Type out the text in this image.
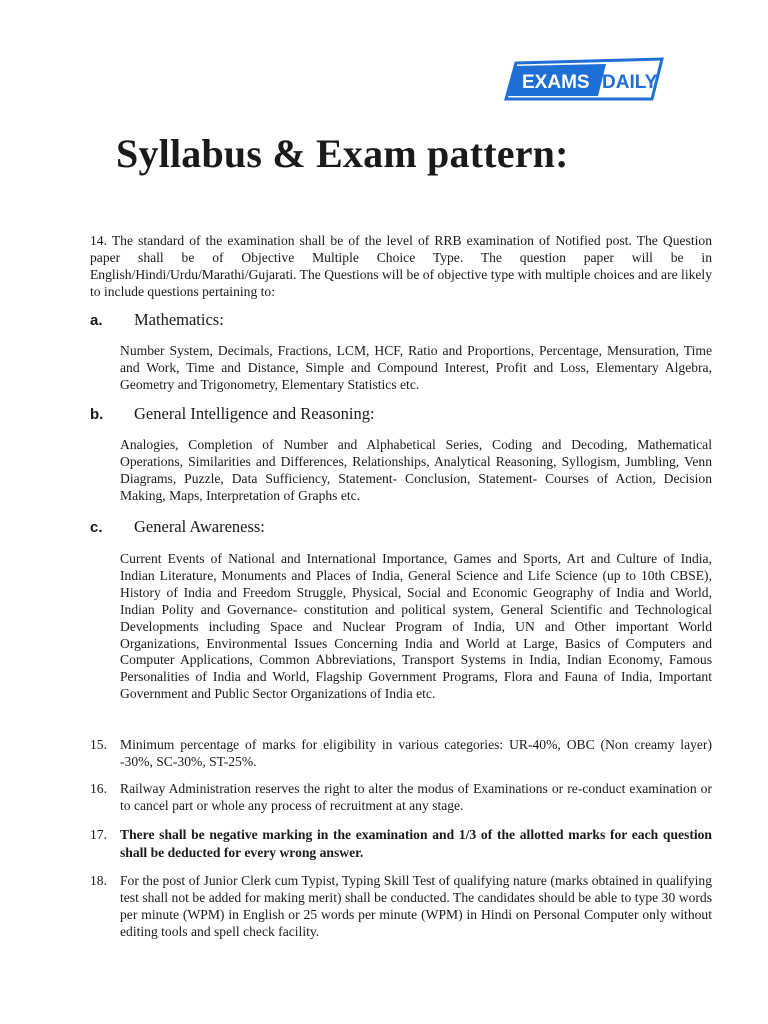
EXAMS DAILY
Syllabus & Exam pattern:

14. The standard of the examination shall be of the level of RRB examination of Notified post. The Question paper shall be of Objective Multiple Choice Type. The question paper will be in English/Hindi/Urdu/Marathi/Gujarati. The Questions will be of objective type with multiple choices and are likely to include questions pertaining to:

a.	Mathematics:

Number System, Decimals, Fractions, LCM, HCF, Ratio and Proportions, Percentage, Mensuration, Time and Work, Time and Distance, Simple and Compound Interest, Profit and Loss, Elementary Algebra, Geometry and Trigonometry, Elementary Statistics etc.

b.	General Intelligence and Reasoning:

Analogies, Completion of Number and Alphabetical Series, Coding and Decoding, Mathematical Operations, Similarities and Differences, Relationships, Analytical Reasoning, Syllogism, Jumbling, Venn Diagrams, Puzzle, Data Sufficiency, Statement- Conclusion, Statement- Courses of Action, Decision Making, Maps, Interpretation of Graphs etc.

c.	General Awareness:

Current Events of National and International Importance, Games and Sports, Art and Culture of India, Indian Literature, Monuments and Places of India, General Science and Life Science (up to 10th CBSE), History of India and Freedom Struggle, Physical, Social and Economic Geography of India and World, Indian Polity and Governance- constitution and political system, General Scientific and Technological Developments including Space and Nuclear Program of India, UN and Other important World Organizations, Environmental Issues Concerning India and World at Large, Basics of Computers and Computer Applications, Common Abbreviations, Transport Systems in India, Indian Economy, Famous Personalities of India and World, Flagship Government Programs, Flora and Fauna of India, Important Government and Public Sector Organizations of India etc.

15. Minimum percentage of marks for eligibility in various categories: UR-40%, OBC (Non creamy layer) -30%, SC-30%, ST-25%.
16. Railway Administration reserves the right to alter the modus of Examinations or re-conduct examination or to cancel part or whole any process of recruitment at any stage.
17. There shall be negative marking in the examination and 1/3 of the allotted marks for each question shall be deducted for every wrong answer.
18. For the post of Junior Clerk cum Typist, Typing Skill Test of qualifying nature (marks obtained in qualifying test shall not be added for making merit) shall be conducted. The candidates should be able to type 30 words per minute (WPM) in English or 25 words per minute (WPM) in Hindi on Personal Computer only without editing tools and spell check facility.
